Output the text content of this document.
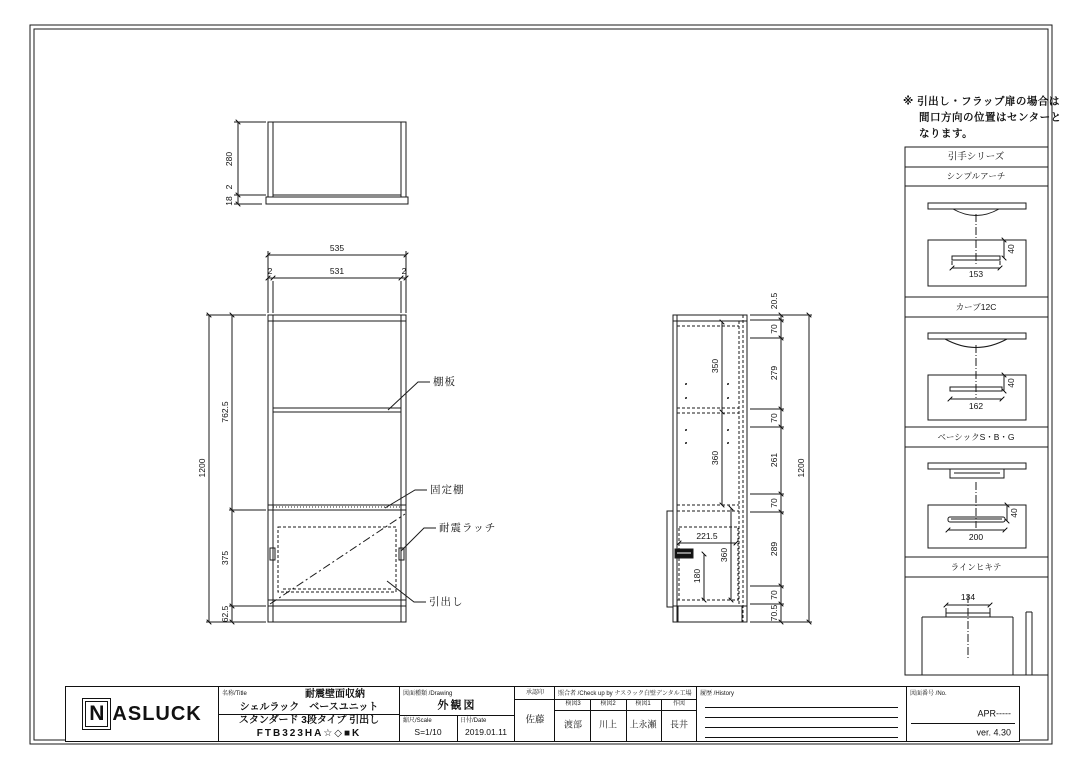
※ 引出し・フラップ扉の場合は
間口方向の位置はセンターと
なります。
280
2
18
535
2	531	2
762.5
375
62.5
1200
棚板
固定棚
耐震ラッチ
引出し
20.5
70
279
70
261
70
289
70
70.5
1200
350
360
221.5
180
360
引手シリーズ
シンプルアーチ
153
40
カーブ12C
162
40
ベーシックS・B・G
200
40
ラインヒキテ
134
N ASLUCK
名称/Title	耐震壁面収納
シェルラック　ベースユニット
スタンダード 3段タイプ 引出し
FTB323HA☆◇■K
図面種類 /Drawing
外観図
縮尺/Scale
S=1/10
日付/Date
2019.01.11
承認印
佐藤
照合者 /Check up by ナスラック白壁デンタル工場
検図3	検図2	検図1	作図
渡部 川上 上永瀬 長井
履歴 /History	図面番号 /No.
APR-----
ver. 4.30
